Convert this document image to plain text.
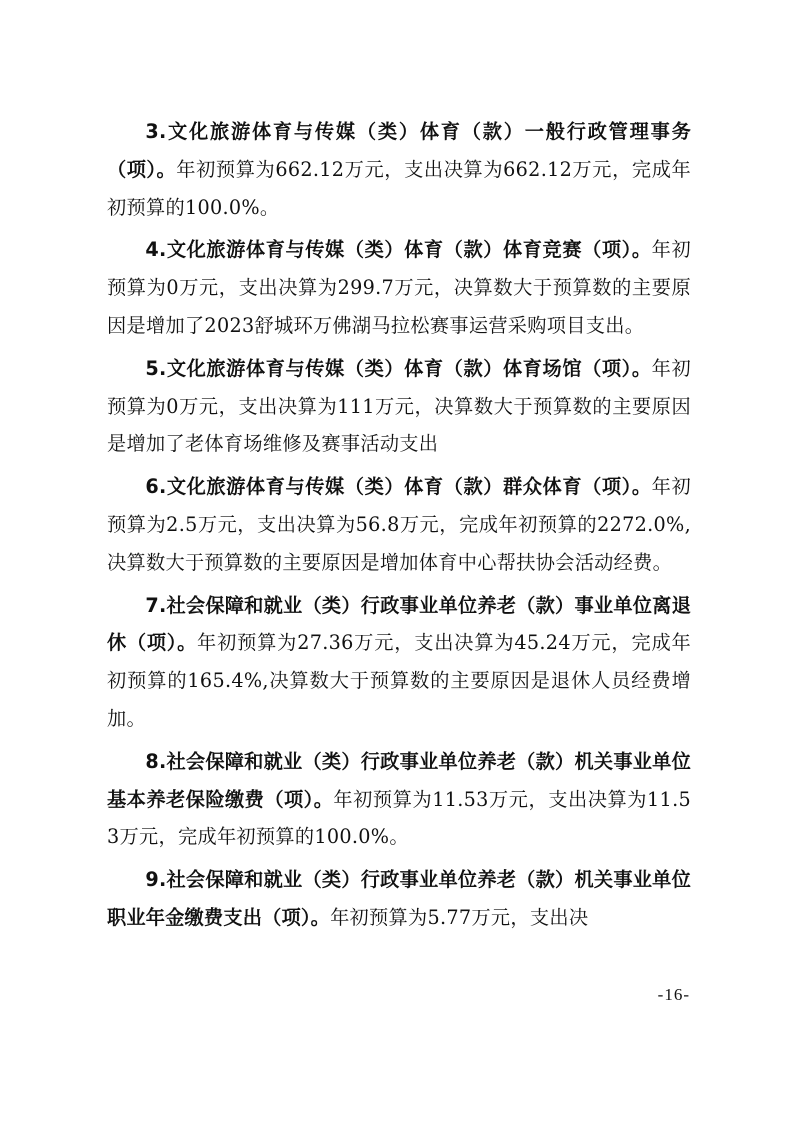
3.文化旅游体育与传媒（类）体育（款）一般行政管理事务（项）。年初预算为662.12万元，支出决算为662.12万元，完成年初预算的100.0%。

4.文化旅游体育与传媒（类）体育（款）体育竞赛（项）。年初预算为0万元，支出决算为299.7万元，决算数大于预算数的主要原因是增加了2023舒城环万佛湖马拉松赛事运营采购项目支出。

5.文化旅游体育与传媒（类）体育（款）体育场馆（项）。年初预算为0万元，支出决算为111万元，决算数大于预算数的主要原因是增加了老体育场维修及赛事活动支出

6.文化旅游体育与传媒（类）体育（款）群众体育（项）。年初预算为2.5万元，支出决算为56.8万元，完成年初预算的2272.0%,决算数大于预算数的主要原因是增加体育中心帮扶协会活动经费。

7.社会保障和就业（类）行政事业单位养老（款）事业单位离退休（项）。年初预算为27.36万元，支出决算为45.24万元，完成年初预算的165.4%,决算数大于预算数的主要原因是退休人员经费增加。

8.社会保障和就业（类）行政事业单位养老（款）机关事业单位基本养老保险缴费（项）。年初预算为11.53万元，支出决算为11.53万元，完成年初预算的100.0%。

9.社会保障和就业（类）行政事业单位养老（款）机关事业单位职业年金缴费支出（项）。年初预算为5.77万元，支出决

-16-
